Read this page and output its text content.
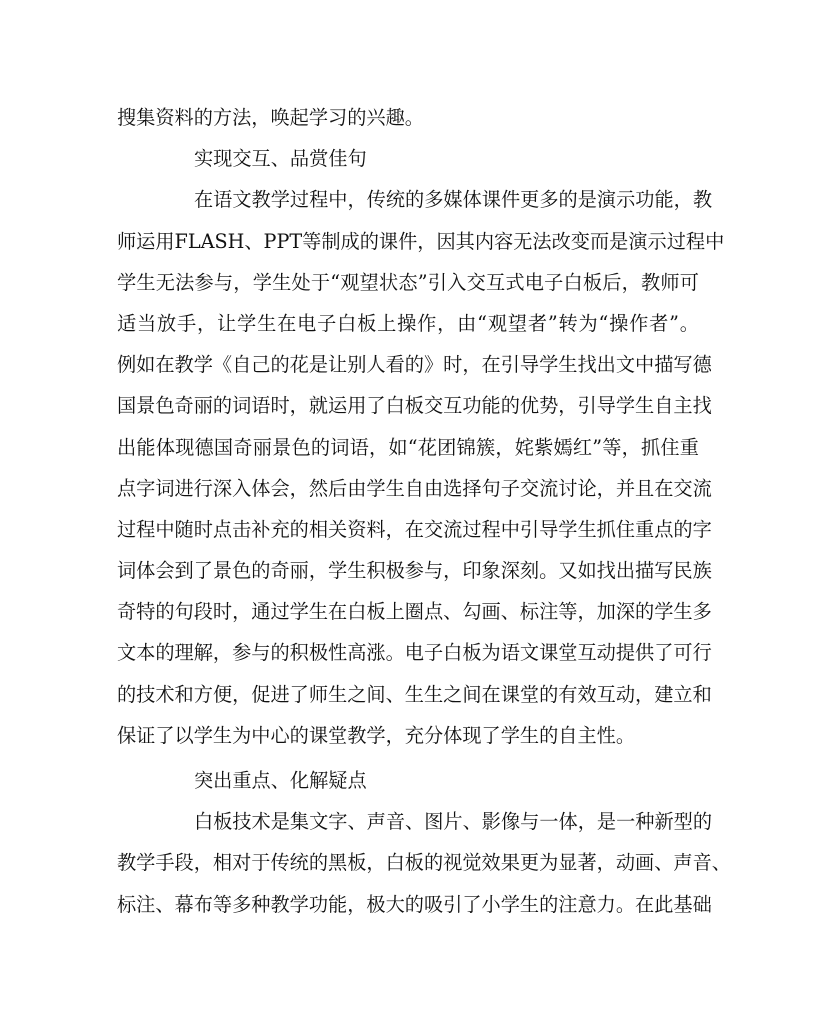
搜集资料的方法，唤起学习的兴趣。
实现交互、品赏佳句
在语文教学过程中，传统的多媒体课件更多的是演示功能，教
师运用FLASH、PPT等制成的课件，因其内容无法改变而是演示过程中
学生无法参与，学生处于“观望状态”引入交互式电子白板后，教师可
适当放手，让学生在电子白板上操作，由“观望者”转为“操作者”。
例如在教学《自己的花是让别人看的》时，在引导学生找出文中描写德
国景色奇丽的词语时，就运用了白板交互功能的优势，引导学生自主找
出能体现德国奇丽景色的词语，如“花团锦簇，姹紫嫣红”等，抓住重
点字词进行深入体会，然后由学生自由选择句子交流讨论，并且在交流
过程中随时点击补充的相关资料，在交流过程中引导学生抓住重点的字
词体会到了景色的奇丽，学生积极参与，印象深刻。又如找出描写民族
奇特的句段时，通过学生在白板上圈点、勾画、标注等，加深的学生多
文本的理解，参与的积极性高涨。电子白板为语文课堂互动提供了可行
的技术和方便，促进了师生之间、生生之间在课堂的有效互动，建立和
保证了以学生为中心的课堂教学，充分体现了学生的自主性。
突出重点、化解疑点
白板技术是集文字、声音、图片、影像与一体，是一种新型的
教学手段，相对于传统的黑板，白板的视觉效果更为显著，动画、声音、
标注、幕布等多种教学功能，极大的吸引了小学生的注意力。在此基础
